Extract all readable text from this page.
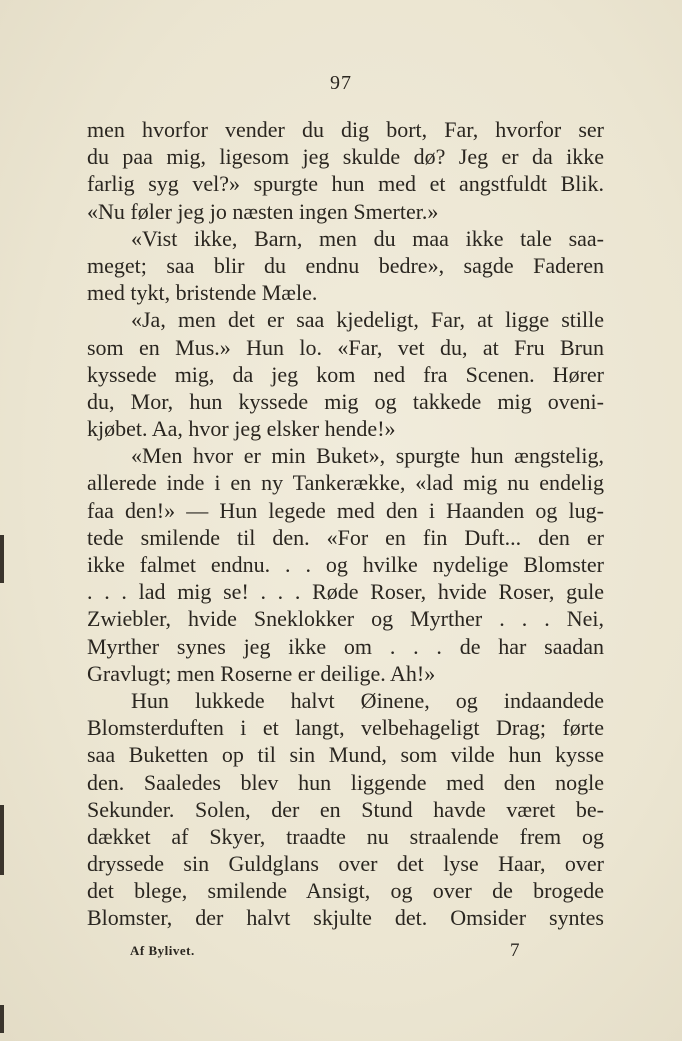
97
men hvorfor vender du dig bort, Far, hvorfor ser
du paa mig, ligesom jeg skulde dø? Jeg er da ikke
farlig syg vel?» spurgte hun med et angstfuldt Blik.
«Nu føler jeg jo næsten ingen Smerter.»
«Vist ikke, Barn, men du maa ikke tale saa-
meget; saa blir du endnu bedre», sagde Faderen
med tykt, bristende Mæle.
«Ja, men det er saa kjedeligt, Far, at ligge stille
som en Mus.» Hun lo. «Far, vet du, at Fru Brun
kyssede mig, da jeg kom ned fra Scenen. Hører
du, Mor, hun kyssede mig og takkede mig oveni-
kjøbet. Aa, hvor jeg elsker hende!»
«Men hvor er min Buket», spurgte hun ængstelig,
allerede inde i en ny Tankerække, «lad mig nu endelig
faa den!» — Hun legede med den i Haanden og lug-
tede smilende til den. «For en fin Duft... den er
ikke falmet endnu. . . og hvilke nydelige Blomster
. . . lad mig se! . . . Røde Roser, hvide Roser, gule
Zwiebler, hvide Sneklokker og Myrther . . . Nei,
Myrther synes jeg ikke om . . . de har saadan
Gravlugt; men Roserne er deilige. Ah!»
Hun lukkede halvt Øinene, og indaandede
Blomsterduften i et langt, velbehageligt Drag; førte
saa Buketten op til sin Mund, som vilde hun kysse
den. Saaledes blev hun liggende med den nogle
Sekunder. Solen, der en Stund havde været be-
dækket af Skyer, traadte nu straalende frem og
dryssede sin Guldglans over det lyse Haar, over
det blege, smilende Ansigt, og over de brogede
Blomster, der halvt skjulte det. Omsider syntes
Af Bylivet.	7
